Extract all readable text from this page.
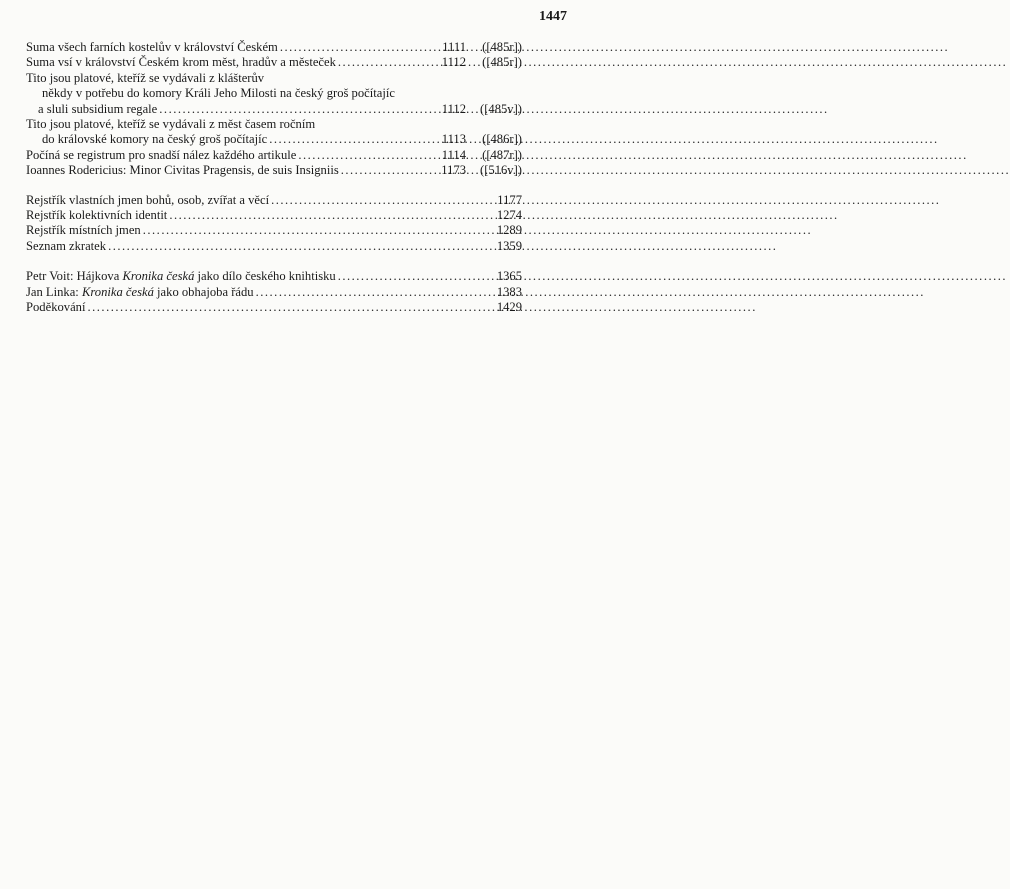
1447
Suma všech farních kostelův v království Českém .....	1111	([485r])
Suma vsí v království Českém krom měst, hradův a městeček .....	1112	([485r])
Tito jsou platové, kteříž se vydávali z klášterův
někdy v potřebu do komory Králi Jeho Milosti na český groš počítajíc
a sluli subsidium regale .....	1112	([485v])
Tito jsou platové, kteříž se vydávali z měst časem ročním
do královské komory na český groš počítajíc .....	1113	([486r])
Počíná se registrum pro snadší nález každého artikule .....	1114	([487r])
Ioannes Rodericius: Minor Civitas Pragensis, de suis Insigniis .....	1173	([516v])
Rejstřík vlastních jmen bohů, osob, zvířat a věcí .....	1177
Rejstřík kolektivních identit .....	1274
Rejstřík místních jmen .....	1289
Seznam zkratek .....	1359
Petr Voit: Hájkova Kronika česká jako dílo českého knihtisku .....	1365
Jan Linka: Kronika česká jako obhajoba řádu .....	1383
Poděkování .....	1429
